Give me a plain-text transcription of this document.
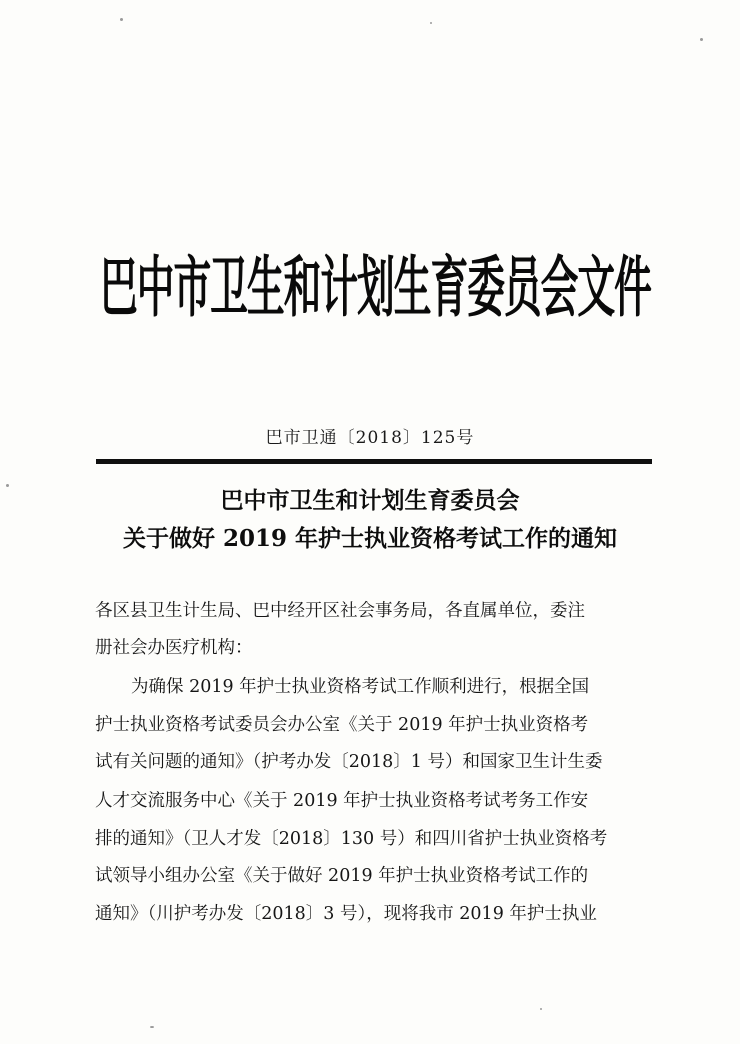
巴中市卫生和计划生育委员会文件
巴市卫通〔2018〕125号
巴中市卫生和计划生育委员会
关于做好 2019 年护士执业资格考试工作的通知
各区县卫生计生局、巴中经开区社会事务局，各直属单位，委注
册社会办医疗机构：
为确保 2019 年护士执业资格考试工作顺利进行，根据全国
护士执业资格考试委员会办公室《关于 2019 年护士执业资格考
试有关问题的通知》（护考办发〔2018〕1 号）和国家卫生计生委
人才交流服务中心《关于 2019 年护士执业资格考试考务工作安
排的通知》（卫人才发〔2018〕130 号）和四川省护士执业资格考
试领导小组办公室《关于做好 2019 年护士执业资格考试工作的
通知》（川护考办发〔2018〕3 号），现将我市 2019 年护士执业
